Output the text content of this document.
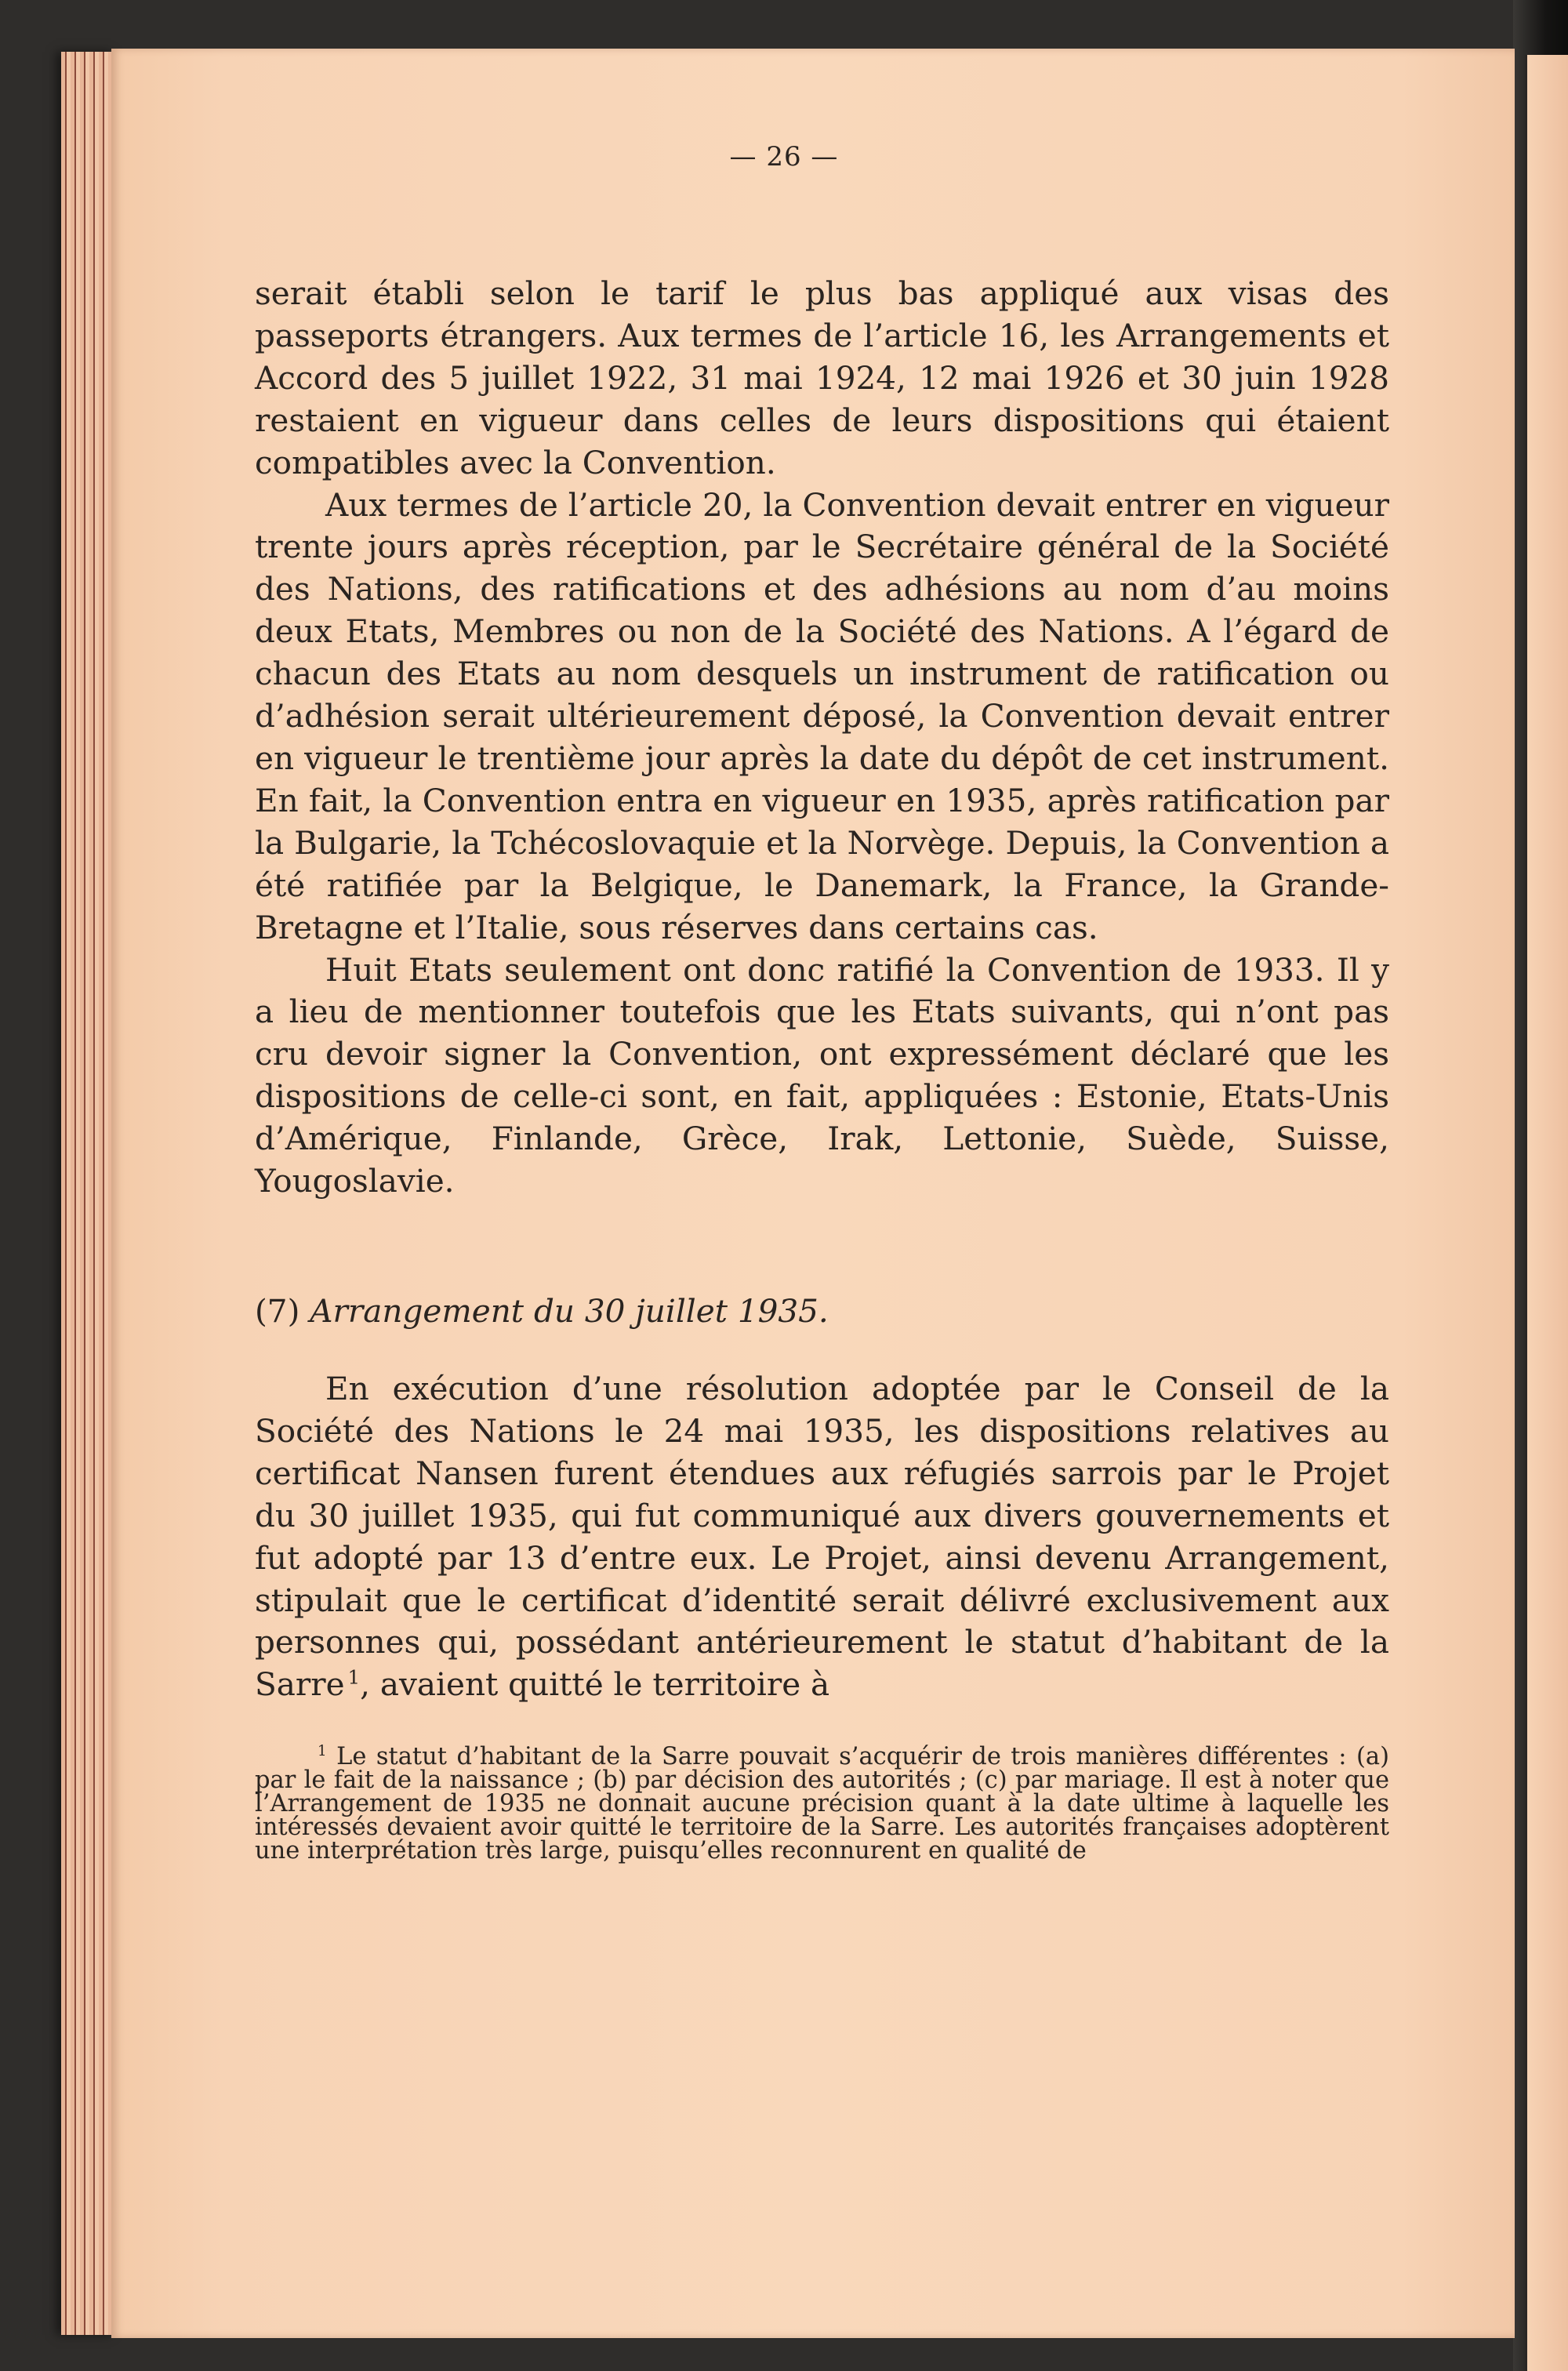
— 26 —

serait établi selon le tarif le plus bas appliqué aux visas des passeports étrangers. Aux termes de l’article 16, les Arrangements et Accord des 5 juillet 1922, 31 mai 1924, 12 mai 1926 et 30 juin 1928 restaient en vigueur dans celles de leurs dispositions qui étaient compatibles avec la Convention.

Aux termes de l’article 20, la Convention devait entrer en vigueur trente jours après réception, par le Secrétaire général de la Société des Nations, des ratifications et des adhésions au nom d’au moins deux Etats, Membres ou non de la Société des Nations. A l’égard de chacun des Etats au nom desquels un instrument de ratification ou d’adhésion serait ultérieurement déposé, la Convention devait entrer en vigueur le trentième jour après la date du dépôt de cet instrument. En fait, la Convention entra en vigueur en 1935, après ratification par la Bulgarie, la Tchécoslovaquie et la Norvège. Depuis, la Convention a été ratifiée par la Belgique, le Danemark, la France, la Grande-Bretagne et l’Italie, sous réserves dans certains cas.

Huit Etats seulement ont donc ratifié la Convention de 1933. Il y a lieu de mentionner toutefois que les Etats suivants, qui n’ont pas cru devoir signer la Convention, ont expressément déclaré que les dispositions de celle-ci sont, en fait, appliquées : Estonie, Etats-Unis d’Amérique, Finlande, Grèce, Irak, Lettonie, Suède, Suisse, Yougoslavie.

(7) Arrangement du 30 juillet 1935.

En exécution d’une résolution adoptée par le Conseil de la Société des Nations le 24 mai 1935, les dispositions relatives au certificat Nansen furent étendues aux réfugiés sarrois par le Projet du 30 juillet 1935, qui fut communiqué aux divers gouvernements et fut adopté par 13 d’entre eux. Le Projet, ainsi devenu Arrangement, stipulait que le certificat d’identité serait délivré exclusivement aux personnes qui, possédant antérieurement le statut d’habitant de la Sarre  $^1$, avaient quitté le territoire à

$^1$ Le statut d’habitant de la Sarre pouvait s’acquérir de trois manières différentes : (a) par le fait de la naissance ; (b) par décision des autorités ; (c) par mariage. Il est à noter que l’Arrangement de 1935 ne donnait aucune précision quant à la date ultime à laquelle les intéressés devaient avoir quitté le territoire de la Sarre. Les autorités françaises adoptèrent une interprétation très large, puisqu’elles reconnurent en qualité de
